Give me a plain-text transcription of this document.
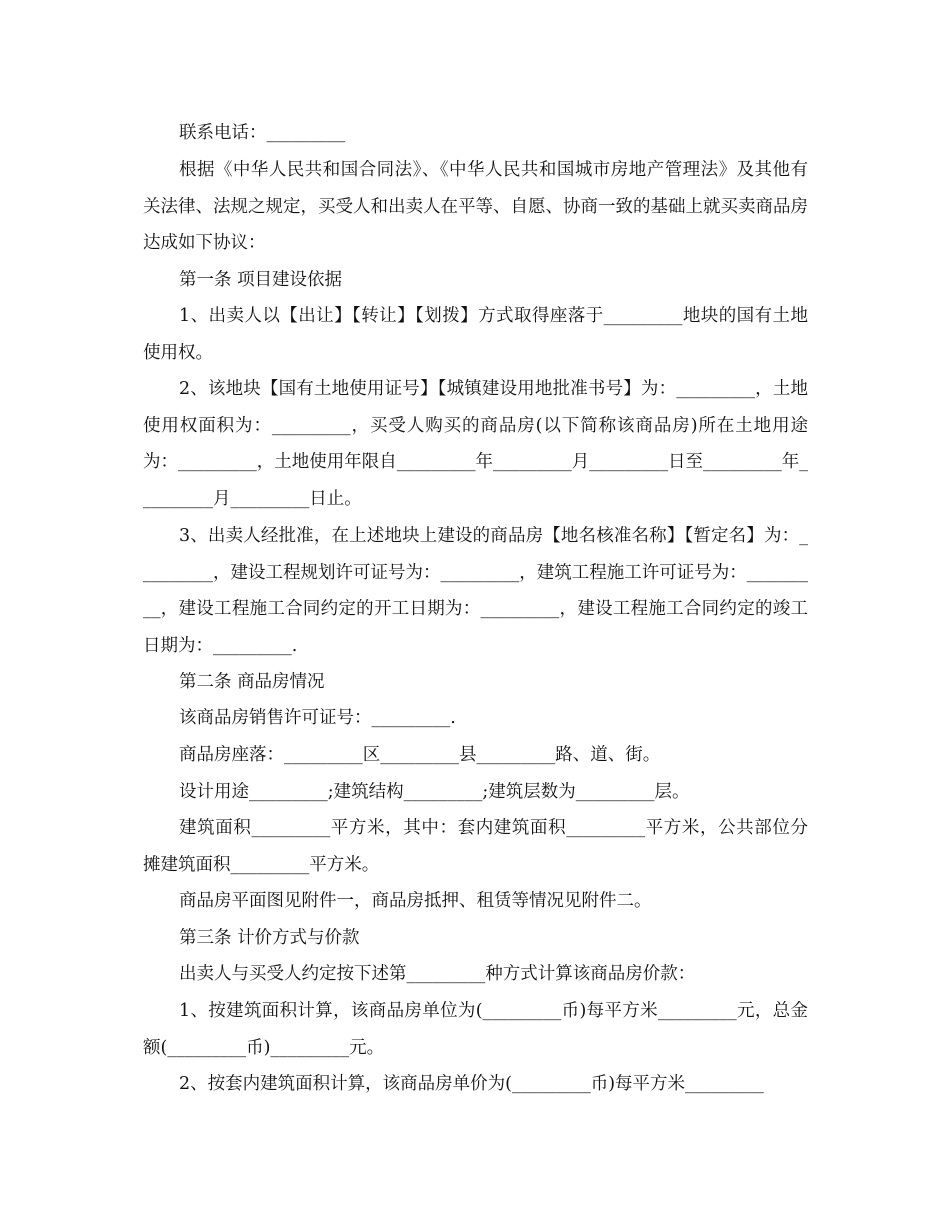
联系电话：_________

根据《中华人民共和国合同法》、《中华人民共和国城市房地产管理法》及其他有关法律、法规之规定，买受人和出卖人在平等、自愿、协商一致的基础上就买卖商品房达成如下协议：

第一条 项目建设依据

1、出卖人以【出让】【转让】【划拨】方式取得座落于_________地块的国有土地使用权。

2、该地块【国有土地使用证号】【城镇建设用地批准书号】为：_________，土地使用权面积为：_________，买受人购买的商品房(以下简称该商品房)所在土地用途为：_________，土地使用年限自_________年_________月_________日至_________年_________月_________日止。

3、出卖人经批准，在上述地块上建设的商品房【地名核准名称】【暂定名】为：_________，建设工程规划许可证号为：_________，建筑工程施工许可证号为：_________，建设工程施工合同约定的开工日期为：_________，建设工程施工合同约定的竣工日期为：_________.

第二条 商品房情况

该商品房销售许可证号：_________.

商品房座落：_________区_________县_________路、道、街。

设计用途_________;建筑结构_________;建筑层数为_________层。

建筑面积_________平方米，其中：套内建筑面积_________平方米，公共部位分摊建筑面积_________平方米。

商品房平面图见附件一，商品房抵押、租赁等情况见附件二。

第三条 计价方式与价款

出卖人与买受人约定按下述第_________种方式计算该商品房价款：

1、按建筑面积计算，该商品房单位为(_________币)每平方米_________元，总金额(_________币)_________元。

2、按套内建筑面积计算，该商品房单价为(_________币)每平方米_________
